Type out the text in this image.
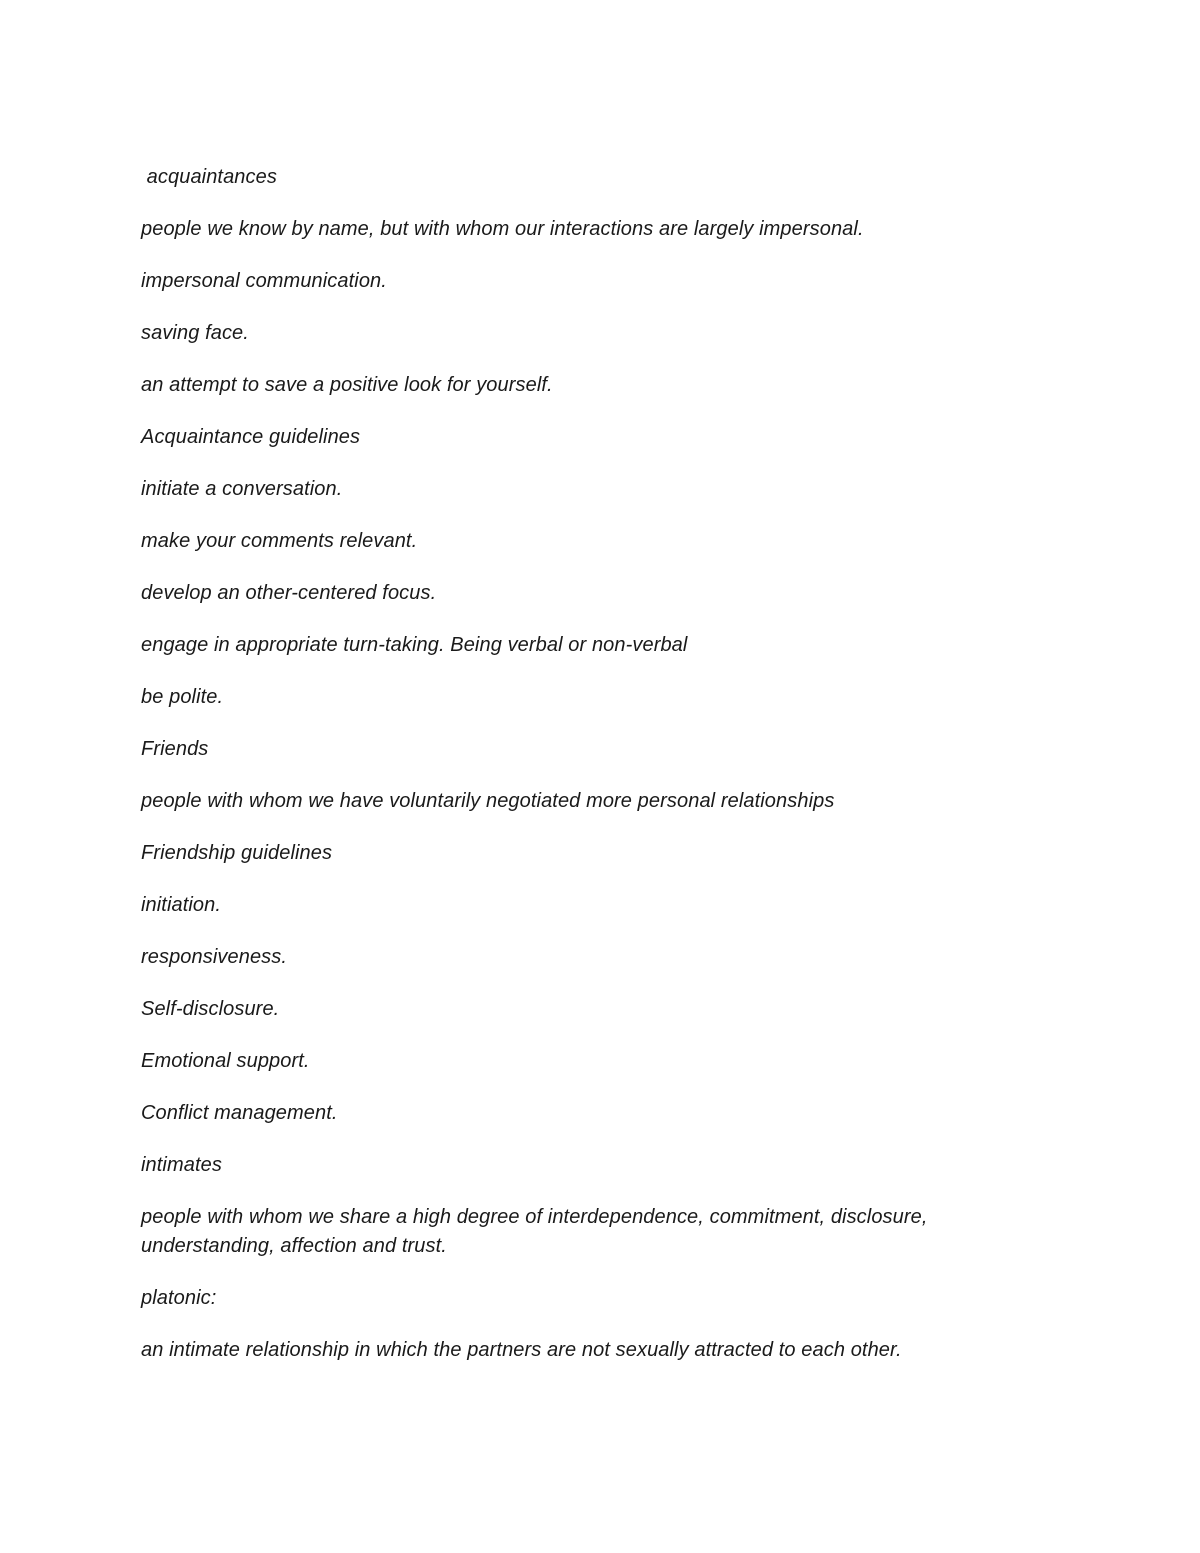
acquaintances

people we know by name, but with whom our interactions are largely impersonal.

impersonal communication.

saving face.

an attempt to save a positive look for yourself.

Acquaintance guidelines

initiate a conversation.

make your comments relevant.

develop an other-centered focus.

engage in appropriate turn-taking. Being verbal or non-verbal

be polite.

Friends

people with whom we have voluntarily negotiated more personal relationships

Friendship guidelines

initiation.

responsiveness.

Self-disclosure.

Emotional support.

Conflict management.

intimates

people with whom we share a high degree of interdependence, commitment, disclosure, understanding, affection and trust.

platonic:

an intimate relationship in which the partners are not sexually attracted to each other.
